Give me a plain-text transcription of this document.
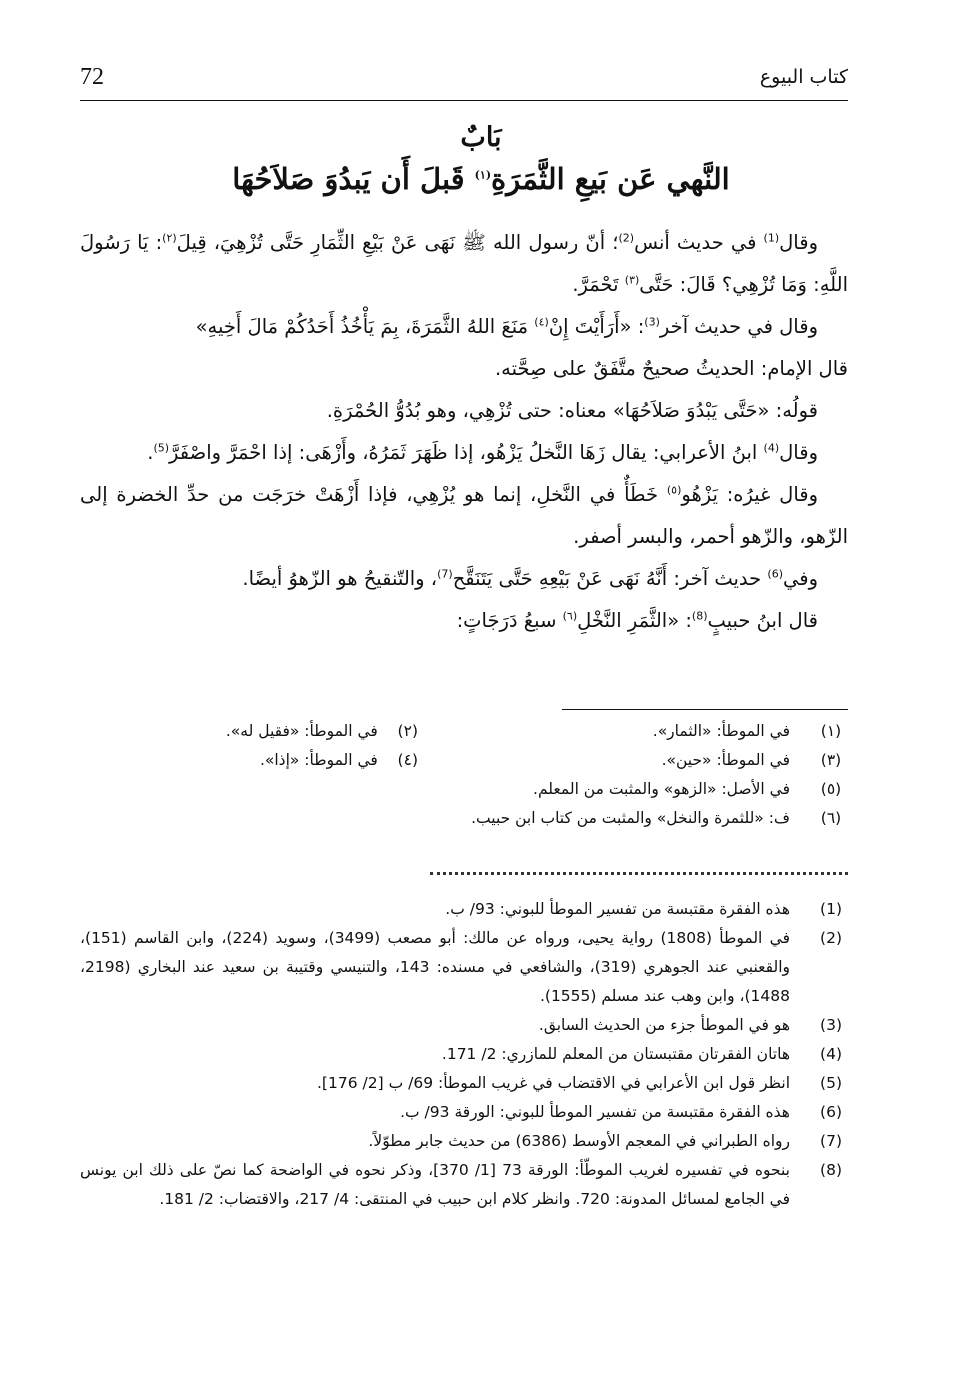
72	كتاب البيوع
بَابٌ
النَّهي عَن بَيعِ الثَّمَرَةِ$^{(١)}$ قَبلَ أَن يَبدُوَ صَلاَحُهَا

وقال$^{(1)}$ في حديث أنس$^{(2)}$؛ أنّ رسول الله ﷺ نَهَى عَنْ بَيْعِ الثِّمَارِ حَتَّى تُزْهِيَ، قِيلَ$^{(٢)}$: يَا رَسُولَ اللَّهِ: وَمَا تُزْهِي؟ قَالَ: حَتَّى$^{(٣)}$ تَحْمَرَّ.

وقال في حديث آخر$^{(3)}$: «أَرَأَيْتَ إِنْ$^{(٤)}$ مَنَعَ اللهُ الثَّمَرَةَ، بِمَ يَأْخُذُ أَحَدُكُمْ مَالَ أَخِيهِ»

قال الإمام: الحديثُ صحيحٌ متَّفَقٌ على صِحَّته.

قولُه: «حَتَّى يَبْدُوَ صَلاَحُهَا» معناه: حتى تُزْهِي، وهو بُدُوُّ الحُمْرَةِ.

وقال$^{(4)}$ ابنُ الأعرابي: يقال زَهَا النَّخلُ يَزْهُو، إذا ظَهَرَ ثَمَرُهُ، وأَزْهَى: إذا احْمَرَّ واصْفَرَّ$^{(5)}$.

وقال غيرُه: يَزْهُو$^{(٥)}$ خَطَأٌ في النَّخلِ، إنما هو يُزْهِي، فإذا أَزْهَتْ خرَجَت من حدِّ الخضرة إلى الزّهو، والزّهو أحمر، والبسر أصفر.

وفي$^{(6)}$ حديث آخر: أَنَّهُ نَهَى عَنْ بَيْعِهِ حَتَّى يَتَنَقَّح$^{(7)}$، والتّنقيحُ هو الزّهوُ أيضًا.

قال ابنُ حبيبٍ$^{(8)}$: «الثَّمَرِ النَّخْلِ$^{(٦)}$ سبعُ دَرَجَاتٍ:

(١)
في الموطأ: «الثمار».
(٢)    في الموطأ: «فقيل له».
(٣)
في الموطأ: «حين».
(٤)    في الموطأ: «إذا».
(٥)
في الأصل: «الزهو» والمثبت من المعلم.
(٦)
ف: «للثمرة والنخل» والمثبت من كتاب ابن حبيب.
(1)
هذه الفقرة مقتبسة من تفسير الموطأ للبوني: 93/ ب.
(2)
في الموطأ (1808) رواية يحيى، ورواه عن مالك: أبو مصعب (3499)، وسويد (224)، وابن القاسم (151)، والقعنبي عند الجوهري (319)، والشافعي في مسنده: 143، والتنيسي وقتيبة بن سعيد عند البخاري (2198، 1488)، وابن وهب عند مسلم (1555).
(3)
هو في الموطأ جزء من الحديث السابق.
(4)
هاتان الفقرتان مقتبستان من المعلم للمازري: 2/ 171.
(5)
انظر قول ابن الأعرابي في الاقتضاب في غريب الموطأ: 69/ ب [2/ 176].
(6)
هذه الفقرة مقتبسة من تفسير الموطأ للبوني: الورقة 93/ ب.
(7)
رواه الطبراني في المعجم الأوسط (6386) من حديث جابر مطوّلاً.
(8)
بنحوه في تفسيره لغريب الموطّأ: الورقة 73 [1/ 370]، وذكر نحوه في الواضحة كما نصّ على ذلك ابن يونس في الجامع لمسائل المدونة: 720. وانظر كلام ابن حبيب في المنتقى: 4/ 217، والاقتضاب: 2/ 181.
